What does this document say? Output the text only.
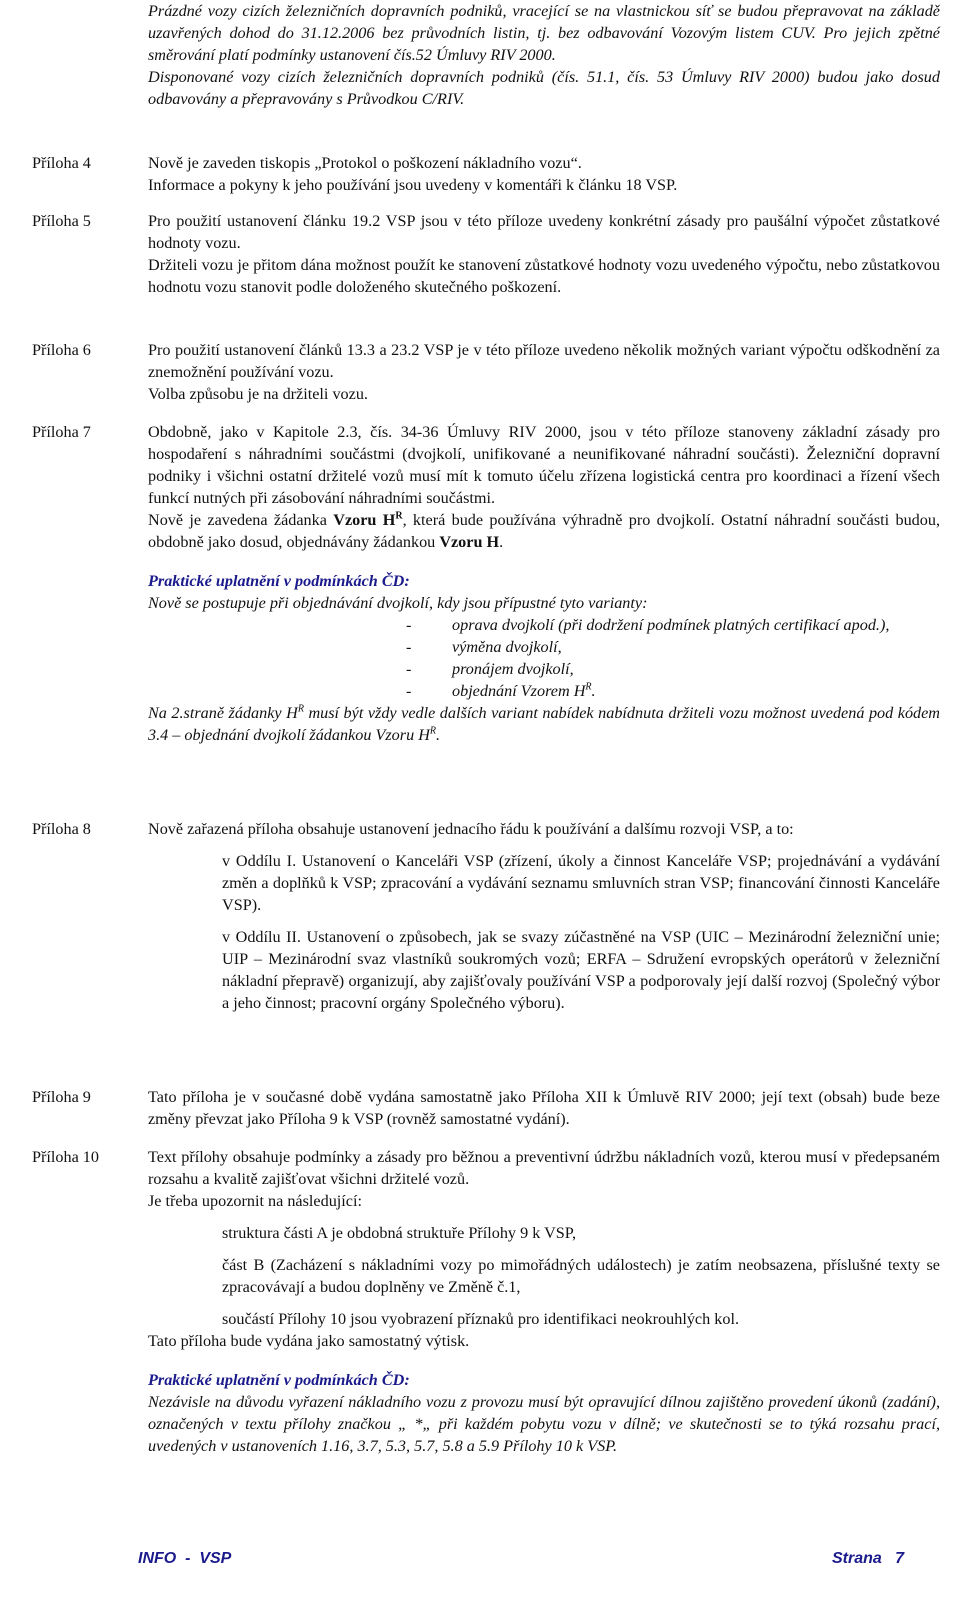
Prázdné vozy cizích železničních dopravních podniků, vracející se na vlastnickou síť se budou přepravovat na základě uzavřených dohod do 31.12.2006 bez průvodních listin, tj. bez odbavování Vozovým listem CUV. Pro jejich zpětné směrování platí podmínky ustanovení čís.52 Úmluvy RIV 2000.

Disponované vozy cizích železničních dopravních podniků (čís. 51.1, čís. 53 Úmluvy RIV 2000) budou jako dosud odbavovány a přepravovány s Průvodkou C/RIV.

Příloha 4	Nově je zaveden tiskopis „Protokol o poškození nákladního vozu“.

Informace a pokyny k jeho používání jsou uvedeny v komentáři k článku 18 VSP.

Příloha 5	Pro použití ustanovení článku 19.2 VSP jsou v této příloze uvedeny konkrétní zásady pro paušální výpočet zůstatkové hodnoty vozu.

Držiteli vozu je přitom dána možnost použít ke stanovení zůstatkové hodnoty vozu uvedeného výpočtu, nebo zůstatkovou hodnotu vozu stanovit podle doloženého skutečného poškození.

Příloha 6	Pro použití ustanovení článků 13.3 a 23.2 VSP je v této příloze uvedeno několik možných variant výpočtu odškodnění za znemožnění používání vozu.

Volba způsobu je na držiteli vozu.

Příloha 7	Obdobně, jako v Kapitole 2.3, čís. 34-36 Úmluvy RIV 2000, jsou v této příloze stanoveny základní zásady pro hospodaření s náhradními součástmi (dvojkolí, unifikované a neunifikované náhradní součásti). Železniční dopravní podniky i všichni ostatní držitelé vozů musí mít k tomuto účelu zřízena logistická centra pro koordinaci a řízení všech funkcí nutných při zásobování náhradními součástmi.

Nově je zavedena žádanka Vzoru $H^R$, která bude používána výhradně pro dvojkolí. Ostatní náhradní součásti budou, obdobně jako dosud, objednávány žádankou Vzoru H.

Praktické uplatnění v podmínkách ČD:

Nově se postupuje při objednávání dvojkolí, kdy jsou přípustné tyto varianty:

-	oprava dvojkolí (při dodržení podmínek platných certifikací apod.),
-	výměna dvojkolí,
-	pronájem dvojkolí,
-	objednání Vzorem $H^R$.

Na 2.straně žádanky $H^R$ musí být vždy vedle dalších variant nabídek nabídnuta držiteli vozu možnost uvedená pod kódem 3.4 – objednání dvojkolí žádankou Vzoru $H^R$.

Příloha 8	Nově zařazená příloha obsahuje ustanovení jednacího řádu k používání a dalšímu rozvoji VSP, a to:

v Oddílu I. Ustanovení o Kanceláři VSP (zřízení, úkoly a činnost Kanceláře VSP; projednávání a vydávání změn a doplňků k VSP; zpracování a vydávání seznamu smluvních stran VSP; financování činnosti Kanceláře VSP).

v Oddílu II. Ustanovení o způsobech, jak se svazy zúčastněné na VSP (UIC – Mezinárodní železniční unie; UIP – Mezinárodní svaz vlastníků soukromých vozů; ERFA – Sdružení evropských operátorů v železniční nákladní přepravě) organizují, aby zajišťovaly používání VSP a podporovaly její další rozvoj (Společný výbor a jeho činnost; pracovní orgány Společného výboru).

Příloha 9	Tato příloha je v současné době vydána samostatně jako Příloha XII k Úmluvě RIV 2000; její text (obsah) bude beze změny převzat jako Příloha 9 k VSP (rovněž samostatné vydání).

Příloha 10	Text přílohy obsahuje podmínky a zásady pro běžnou a preventivní údržbu nákladních vozů, kterou musí v předepsaném rozsahu a kvalitě zajišťovat všichni držitelé vozů.

Je třeba upozornit na následující:

struktura části A je obdobná struktuře Přílohy 9 k VSP,

část B (Zacházení s nákladními vozy po mimořádných událostech) je zatím neobsazena, příslušné texty se zpracovávají a budou doplněny ve Změně č.1,

součástí Přílohy 10 jsou vyobrazení příznaků pro identifikaci neokrouhlých kol.

Tato příloha bude vydána jako samostatný výtisk.

Praktické uplatnění v podmínkách ČD:

Nezávisle na důvodu vyřazení nákladního vozu z provozu musí být opravující dílnou zajištěno provedení úkonů (zadání), označených v textu přílohy značkou „ *„ při každém pobytu vozu v dílně; ve skutečnosti se to týká rozsahu prací, uvedených v ustanoveních 1.16, 3.7, 5.3, 5.7, 5.8 a 5.9 Přílohy 10 k VSP.

INFO  -  VSP	Strana   7
